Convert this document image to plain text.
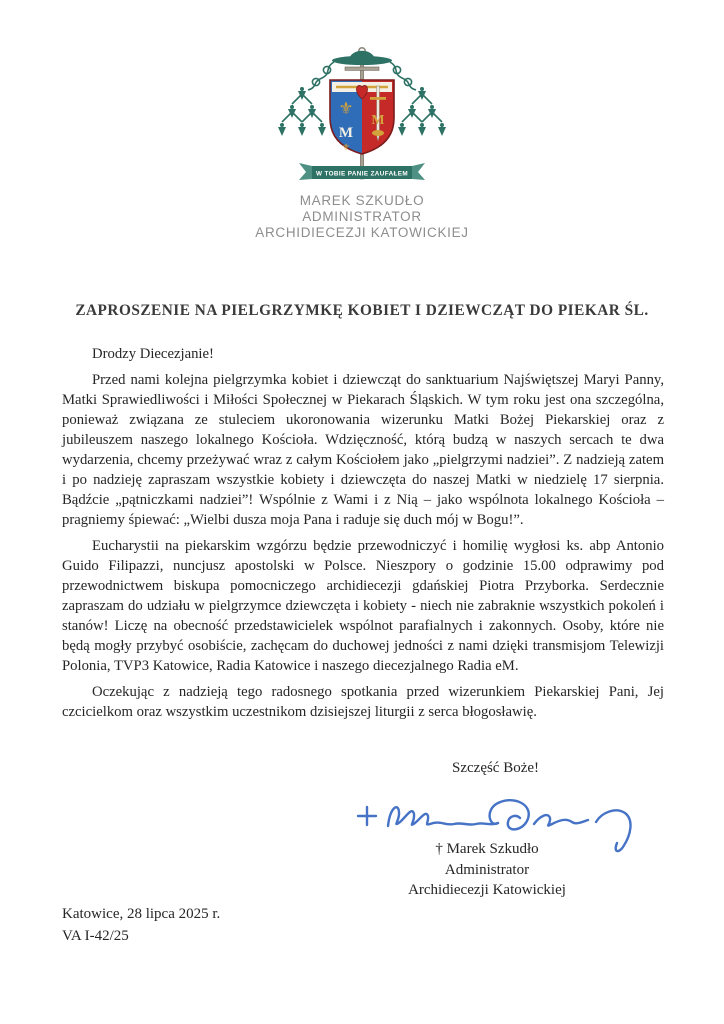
⚜
M
⚜
M
W TOBIE PANIE ZAUFAŁEM
MAREK SZKUDŁO
ADMINISTRATOR
ARCHIDIECEZJI KATOWICKIEJ
ZAPROSZENIE NA PIELGRZYMKĘ KOBIET I DZIEWCZĄT DO PIEKAR ŚL.

Drodzy Diecezjanie!

Przed nami kolejna pielgrzymka kobiet i dziewcząt do sanktuarium Najświętszej Maryi Panny, Matki Sprawiedliwości i Miłości Społecznej w Piekarach Śląskich. W tym roku jest ona szczególna, ponieważ związana ze stuleciem ukoronowania wizerunku Matki Bożej Piekarskiej oraz z jubileuszem naszego lokalnego Kościoła. Wdzięczność, którą budzą w naszych sercach te dwa wydarzenia, chcemy przeżywać wraz z całym Kościołem jako „pielgrzymi nadziei”. Z nadzieją zatem i po nadzieję zapraszam wszystkie kobiety i dziewczęta do naszej Matki w niedzielę 17 sierpnia. Bądźcie „pątniczkami nadziei”! Wspólnie z Wami i z Nią – jako wspólnota lokalnego Kościoła – pragniemy śpiewać: „Wielbi dusza moja Pana i raduje się duch mój w Bogu!”.

Eucharystii na piekarskim wzgórzu będzie przewodniczyć i homilię wygłosi ks. abp Antonio Guido Filipazzi, nuncjusz apostolski w Polsce. Nieszpory o godzinie 15.00 odprawimy pod przewodnictwem biskupa pomocniczego archidiecezji gdańskiej Piotra Przyborka. Serdecznie zapraszam do udziału w pielgrzymce dziewczęta i kobiety - niech nie zabraknie wszystkich pokoleń i stanów! Liczę na obecność przedstawicielek wspólnot parafialnych i zakonnych. Osoby, które nie będą mogły przybyć osobiście, zachęcam do duchowej jedności z nami dzięki transmisjom Telewizji Polonia, TVP3 Katowice, Radia Katowice i naszego diecezjalnego Radia eM.

Oczekując z nadzieją tego radosnego spotkania przed wizerunkiem Piekarskiej Pani, Jej czcicielkom oraz wszystkim uczestnikom dzisiejszej liturgii z serca błogosławię.

Szczęść Boże!
† Marek Szkudło
Administrator
Archidiecezji Katowickiej
Katowice, 28 lipca 2025 r.
VA I-42/25
